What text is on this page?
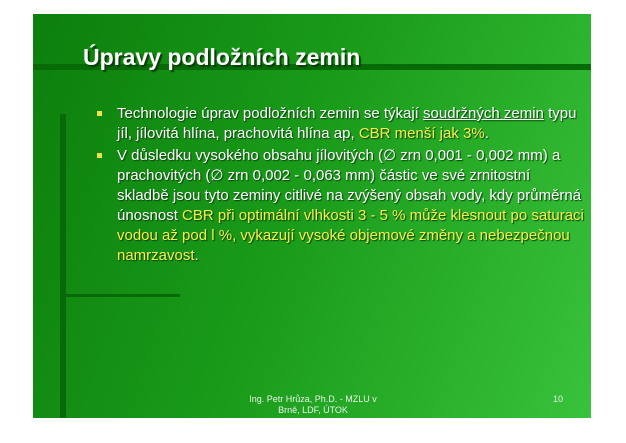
Úpravy podložních zemin
Technologie úprav podložních zemin se týkají soudržných zemin typu jíl, jílovitá hlína, prachovitá hlína ap, CBR menší jak 3%.
V důsledku vysokého obsahu jílovitých (∅ zrn 0,001 - 0,002 mm) a prachovitých (∅ zrn 0,002 - 0,063 mm) částic ve své zrnitostní skladbě jsou tyto zeminy citlivé na zvýšený obsah vody, kdy průměrná únosnost CBR při optimální vlhkosti 3 - 5 % může klesnout po saturaci vodou až pod l %, vykazují vysoké objemové změny a nebezpečnou namrzavost.
Ing. Petr Hrůza, Ph.D. - MZLU v
Brně, LDF, ÚTOK
10
